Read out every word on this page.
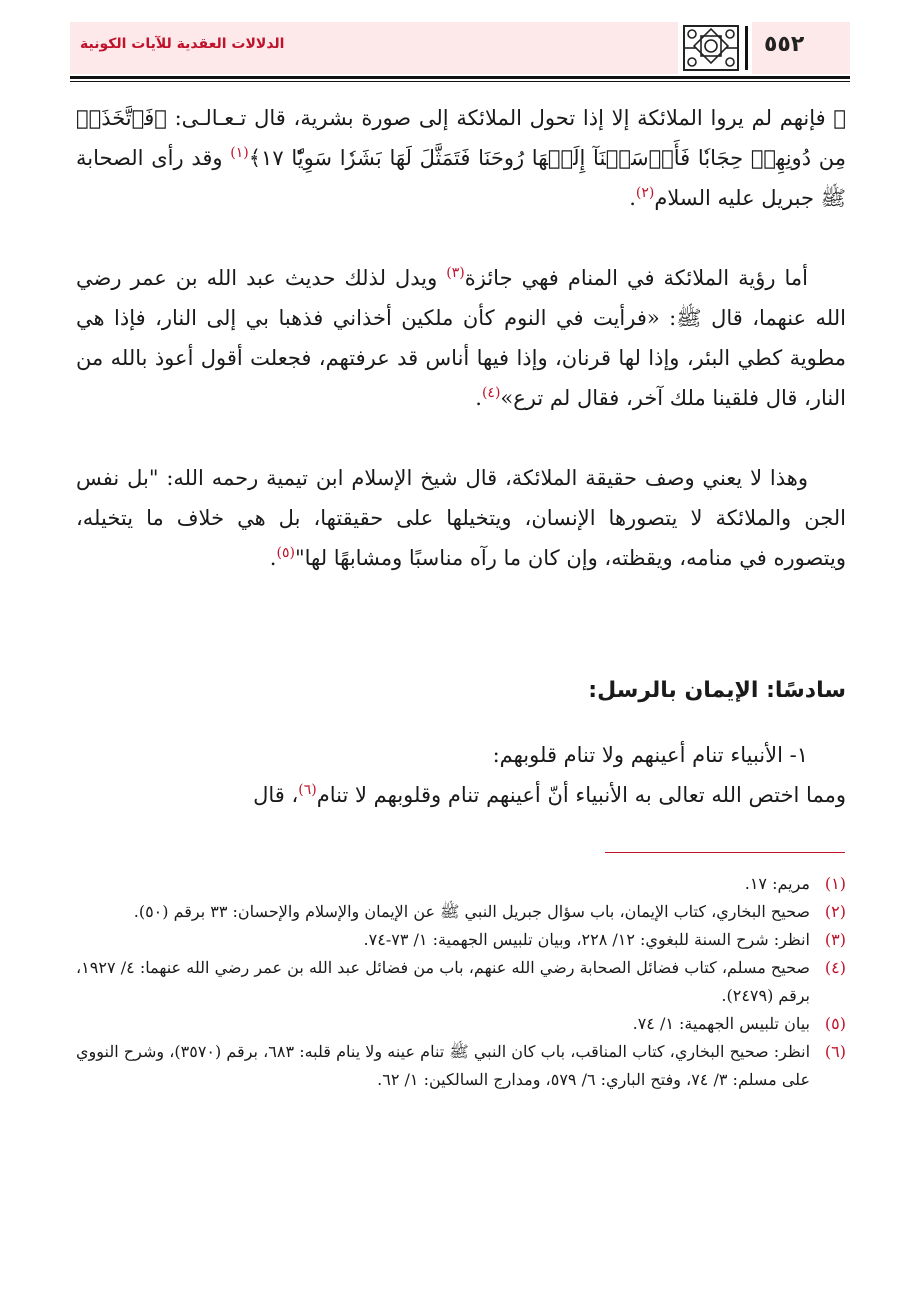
الدلالات العقدية للآيات الكونية	٥٥٢
ﷺ فإنهم لم يروا الملائكة إلا إذا تحول الملائكة إلى صورة بشرية، قال تـعـالـى: ﴿فَٱتَّخَذَتۡ مِن دُونِهِمۡ حِجَابٗا فَأَرۡسَلۡنَآ إِلَيۡهَا رُوحَنَا فَتَمَثَّلَ لَهَا بَشَرٗا سَوِيّٗا ١٧﴾$^{(١)}$ وقد رأى الصحابة ﷺ جبريل عليه السلام$^{(٢)}$.
أما رؤية الملائكة في المنام فهي جائزة$^{(٣)}$ ويدل لذلك حديث عبد الله بن عمر رضي الله عنهما، قال ﷺ: «فرأيت في النوم كأن ملكين أخذاني فذهبا بي إلى النار، فإذا هي مطوية كطي البئر، وإذا لها قرنان، وإذا فيها أناس قد عرفتهم، فجعلت أقول أعوذ بالله من النار، قال فلقينا ملك آخر، فقال لم ترع»$^{(٤)}$.
وهذا لا يعني وصف حقيقة الملائكة، قال شيخ الإسلام ابن تيمية رحمه الله: "بل نفس الجن والملائكة لا يتصورها الإنسان، ويتخيلها على حقيقتها، بل هي خلاف ما يتخيله، ويتصوره في منامه، ويقظته، وإن كان ما رآه مناسبًا ومشابهًا لها"$^{(٥)}$.
سادسًا: الإيمان بالرسل:
١- الأنبياء تنام أعينهم ولا تنام قلوبهم:
ومما اختص الله تعالى به الأنبياء أنّ أعينهم تنام وقلوبهم لا تنام$^{(٦)}$، قال
(١)
مريم: ١٧.
(٢)
صحيح البخاري، كتاب الإيمان، باب سؤال جبريل النبي ﷺ عن الإيمان والإسلام والإحسان: ٣٣ برقم (٥٠).
(٣)
انظر: شرح السنة للبغوي: ١٢/ ٢٢٨، وبيان تلبيس الجهمية: ١/ ٧٣-٧٤.
(٤)
صحيح مسلم، كتاب فضائل الصحابة رضي الله عنهم، باب من فضائل عبد الله بن عمر رضي الله عنهما: ٤/ ١٩٢٧، برقم (٢٤٧٩).
(٥)
بيان تلبيس الجهمية: ١/ ٧٤.
(٦)
انظر: صحيح البخاري، كتاب المناقب، باب كان النبي ﷺ تنام عينه ولا ينام قلبه: ٦٨٣، برقم (٣٥٧٠)، وشرح النووي على مسلم: ٣/ ٧٤، وفتح الباري: ٦/ ٥٧٩، ومدارج السالكين: ١/ ٦٢.
